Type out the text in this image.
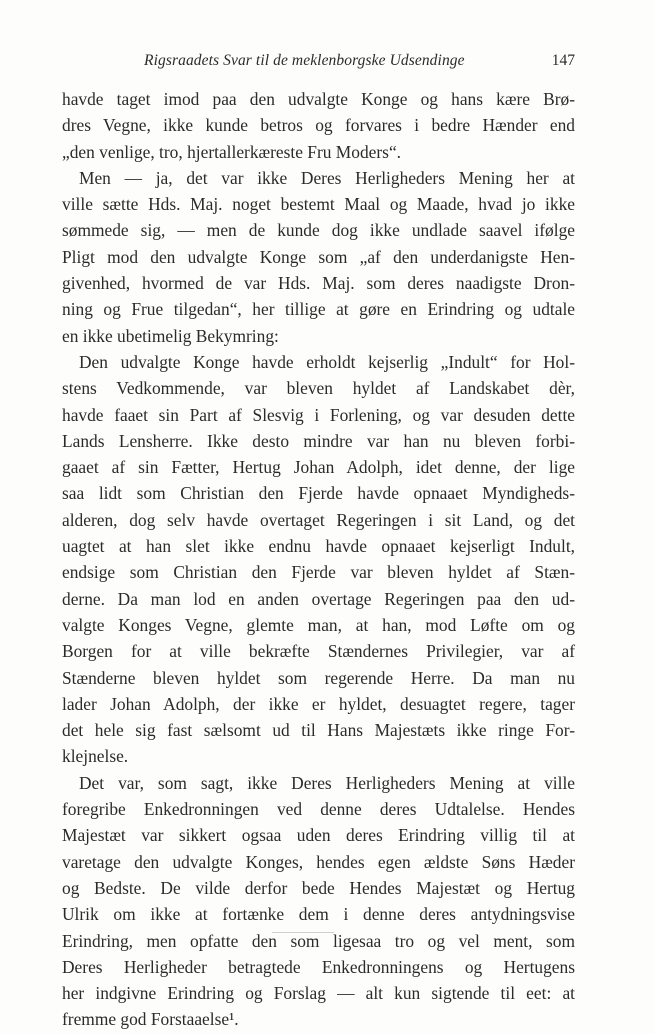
Rigsraadets Svar til de meklenborgske Udsendinge	147
havde taget imod paa den udvalgte Konge og hans kære Brø-
dres Vegne, ikke kunde betros og forvares i bedre Hænder end
„den venlige, tro, hjertallerkæreste Fru Moders“.
Men — ja, det var ikke Deres Herligheders Mening her at
ville sætte Hds. Maj. noget bestemt Maal og Maade, hvad jo ikke
sømmede sig, — men de kunde dog ikke undlade saavel ifølge
Pligt mod den udvalgte Konge som „af den underdanigste Hen-
givenhed, hvormed de var Hds. Maj. som deres naadigste Dron-
ning og Frue tilgedan“, her tillige at gøre en Erindring og udtale
en ikke ubetimelig Bekymring:
Den udvalgte Konge havde erholdt kejserlig „Indult“ for Hol-
stens Vedkommende, var bleven hyldet af Landskabet dèr,
havde faaet sin Part af Slesvig i Forlening, og var desuden dette
Lands Lensherre. Ikke desto mindre var han nu bleven forbi-
gaaet af sin Fætter, Hertug Johan Adolph, idet denne, der lige
saa lidt som Christian den Fjerde havde opnaaet Myndigheds-
alderen, dog selv havde overtaget Regeringen i sit Land, og det
uagtet at han slet ikke endnu havde opnaaet kejserligt Indult,
endsige som Christian den Fjerde var bleven hyldet af Stæn-
derne. Da man lod en anden overtage Regeringen paa den ud-
valgte Konges Vegne, glemte man, at han, mod Løfte om og
Borgen for at ville bekræfte Stændernes Privilegier, var af
Stænderne bleven hyldet som regerende Herre. Da man nu
lader Johan Adolph, der ikke er hyldet, desuagtet regere, tager
det hele sig fast sælsomt ud til Hans Majestæts ikke ringe For-
klejnelse.
Det var, som sagt, ikke Deres Herligheders Mening at ville
foregribe Enkedronningen ved denne deres Udtalelse. Hendes
Majestæt var sikkert ogsaa uden deres Erindring villig til at
varetage den udvalgte Konges, hendes egen ældste Søns Hæder
og Bedste. De vilde derfor bede Hendes Majestæt og Hertug
Ulrik om ikke at fortænke dem i denne deres antydningsvise
Erindring, men opfatte den som ligesaa tro og vel ment, som
Deres Herligheder betragtede Enkedronningens og Hertugens
her indgivne Erindring og Forslag — alt kun sigtende til eet: at
fremme god Forstaaelse¹.
